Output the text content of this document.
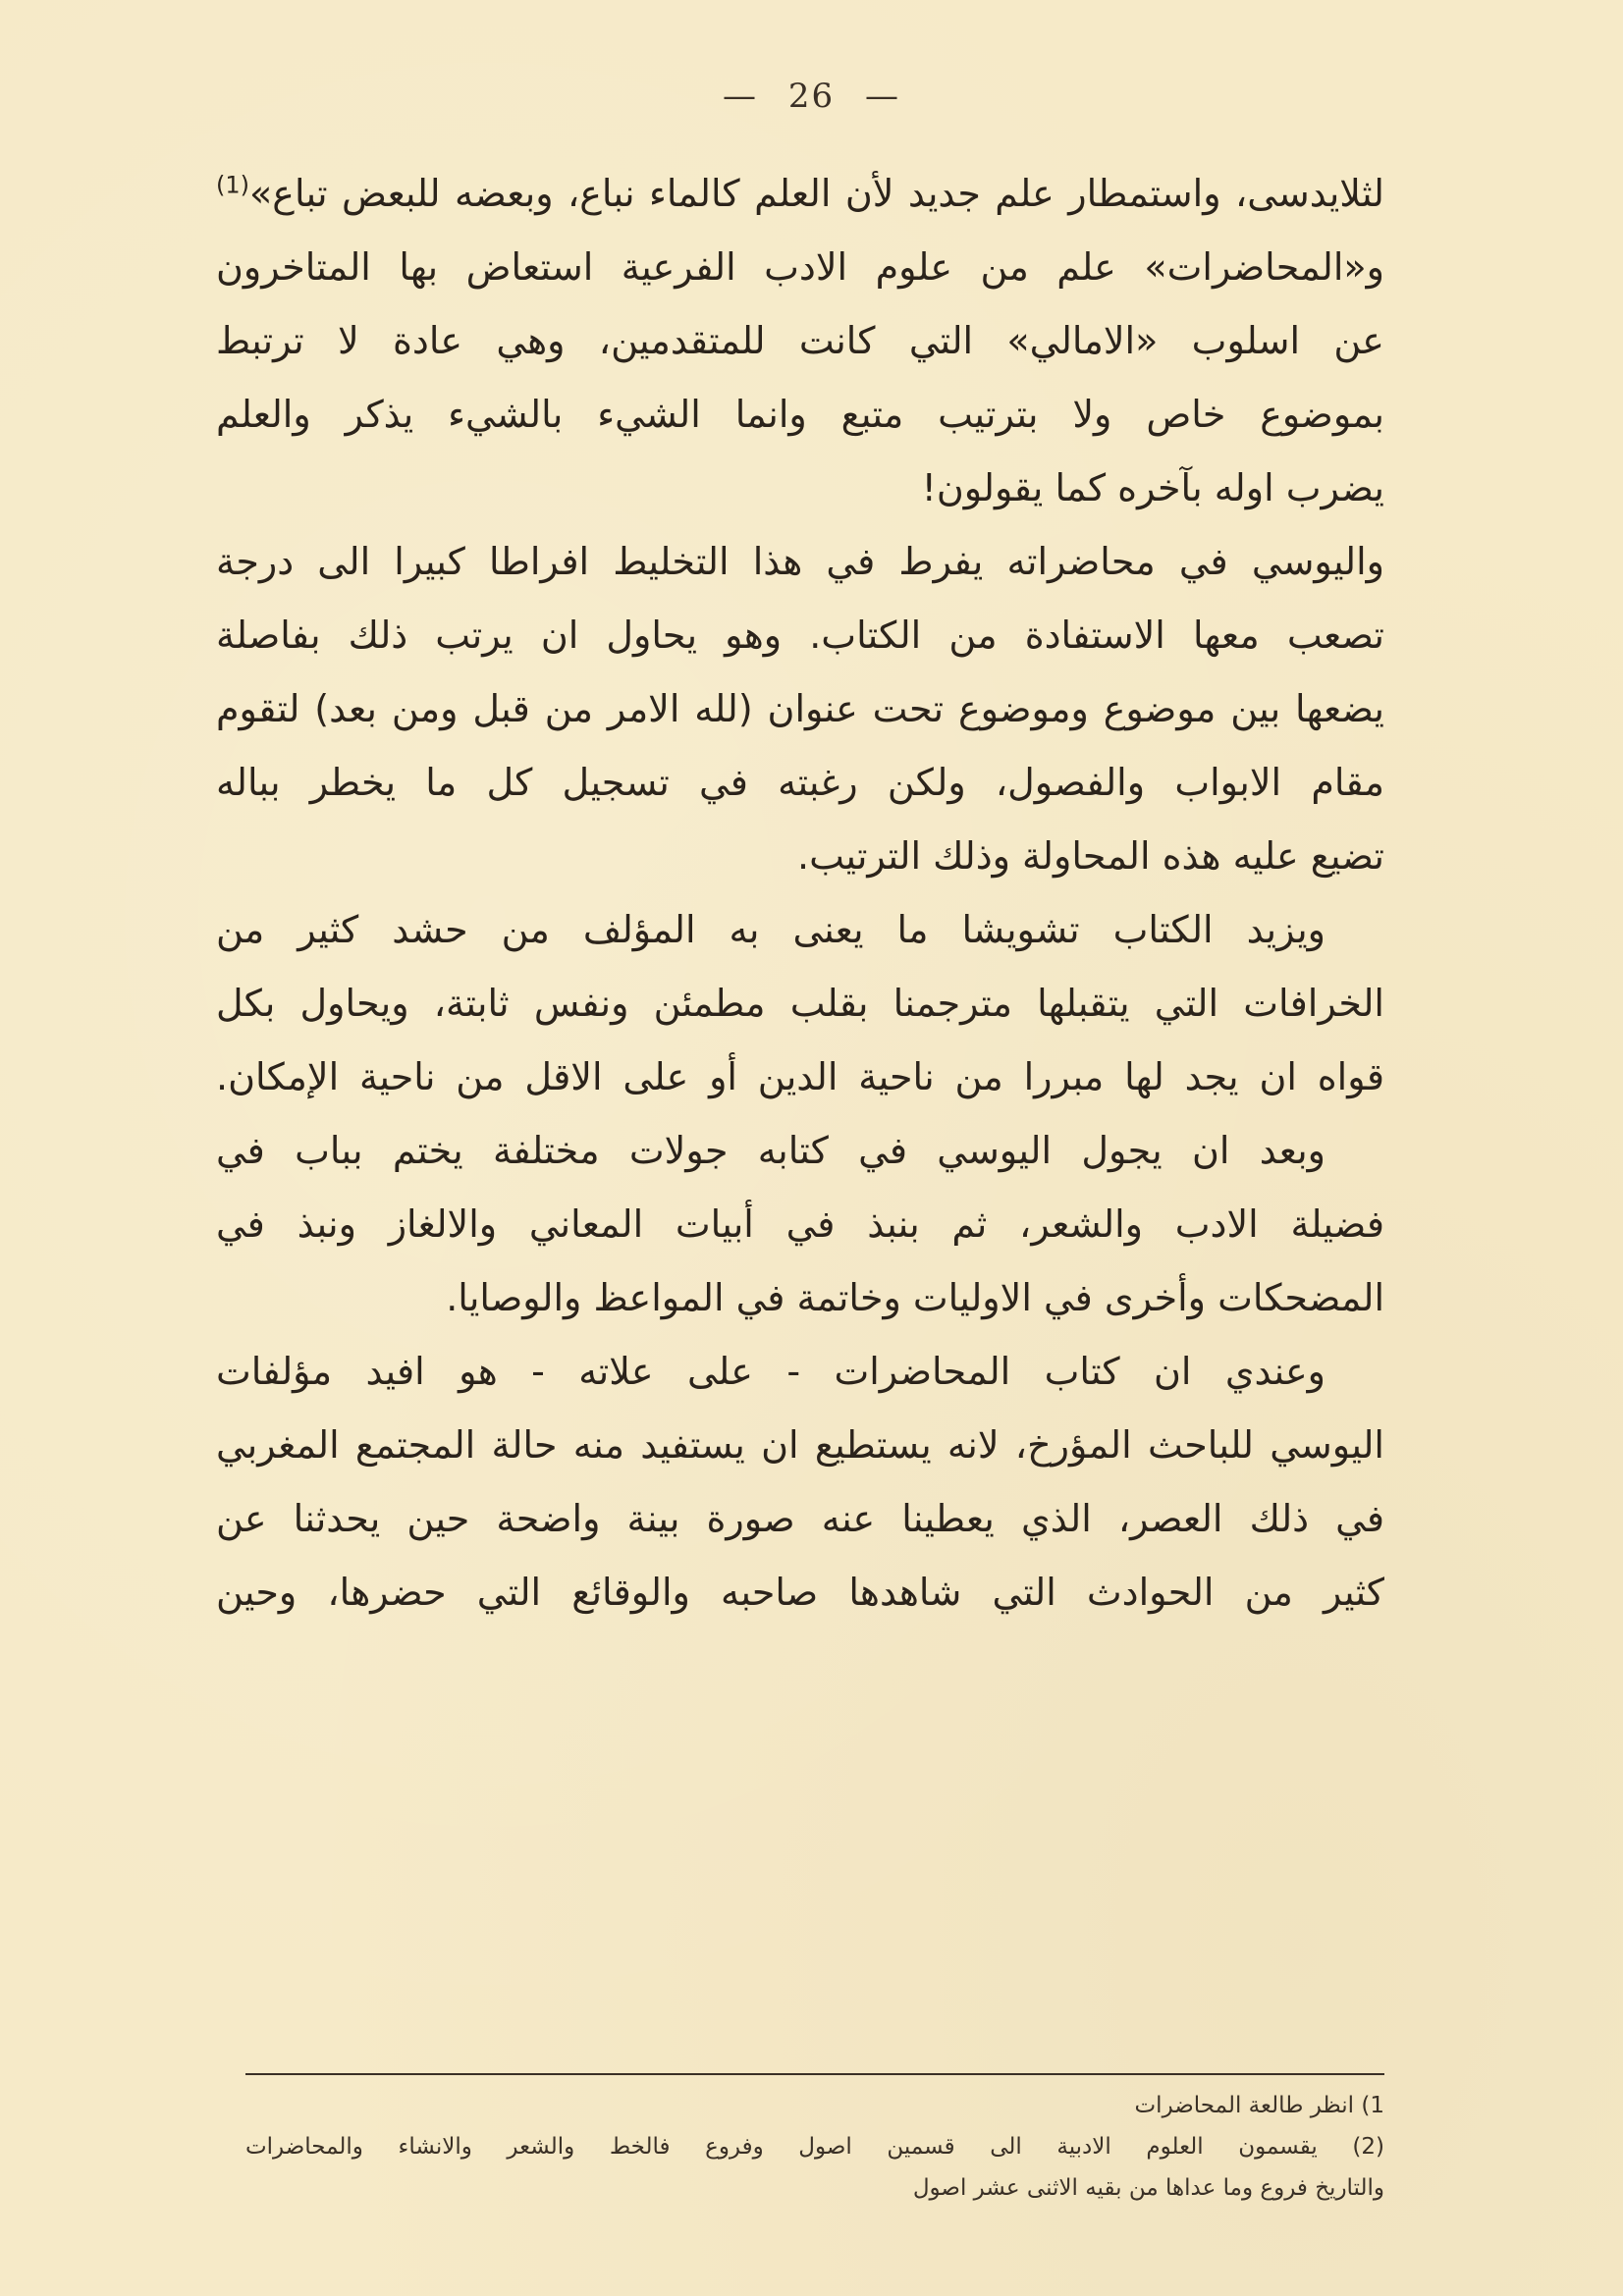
— 26 —
لثلايدسى، واستمطار علم جديد لأن العلم كالماء نباع، وبعضه للبعض تباع»$^{(1)}$
و«المحاضرات» علم من علوم الادب الفرعية استعاض بها المتاخرون
عن اسلوب «الامالي» التي كانت للمتقدمين، وهي عادة لا ترتبط
بموضوع خاص ولا بترتيب متبع وانما الشيء بالشيء يذكر والعلم
يضرب اوله بآخره كما يقولون!
واليوسي في محاضراته يفرط في هذا التخليط افراطا كبيرا الى درجة
تصعب معها الاستفادة من الكتاب. وهو يحاول ان يرتب ذلك بفاصلة
يضعها بين موضوع وموضوع تحت عنوان (لله الامر من قبل ومن بعد) لتقوم
مقام الابواب والفصول، ولكن رغبته في تسجيل كل ما يخطر بباله
تضيع عليه هذه المحاولة وذلك الترتيب.
ويزيد الكتاب تشويشا ما يعنى به المؤلف من حشد كثير من
الخرافات التي يتقبلها مترجمنا بقلب مطمئن ونفس ثابتة، ويحاول بكل
قواه ان يجد لها مبررا من ناحية الدين أو على الاقل من ناحية الإمكان.
وبعد ان يجول اليوسي في كتابه جولات مختلفة يختم بباب في
فضيلة الادب والشعر، ثم بنبذ في أبيات المعاني والالغاز ونبذ في
المضحكات وأخرى في الاوليات وخاتمة في المواعظ والوصايا.
وعندي ان كتاب المحاضرات - على علاته - هو افيد مؤلفات
اليوسي للباحث المؤرخ، لانه يستطيع ان يستفيد منه حالة المجتمع المغربي
في ذلك العصر، الذي يعطينا عنه صورة بينة واضحة حين يحدثنا عن
كثير من الحوادث التي شاهدها صاحبه والوقائع التي حضرها، وحين
1) انظر طالعة المحاضرات
(2) يقسمون العلوم الادبية الى قسمين اصول وفروع فالخط والشعر والانشاء والمحاضرات
والتاريخ فروع وما عداها من بقيه الاثنى عشر اصول
